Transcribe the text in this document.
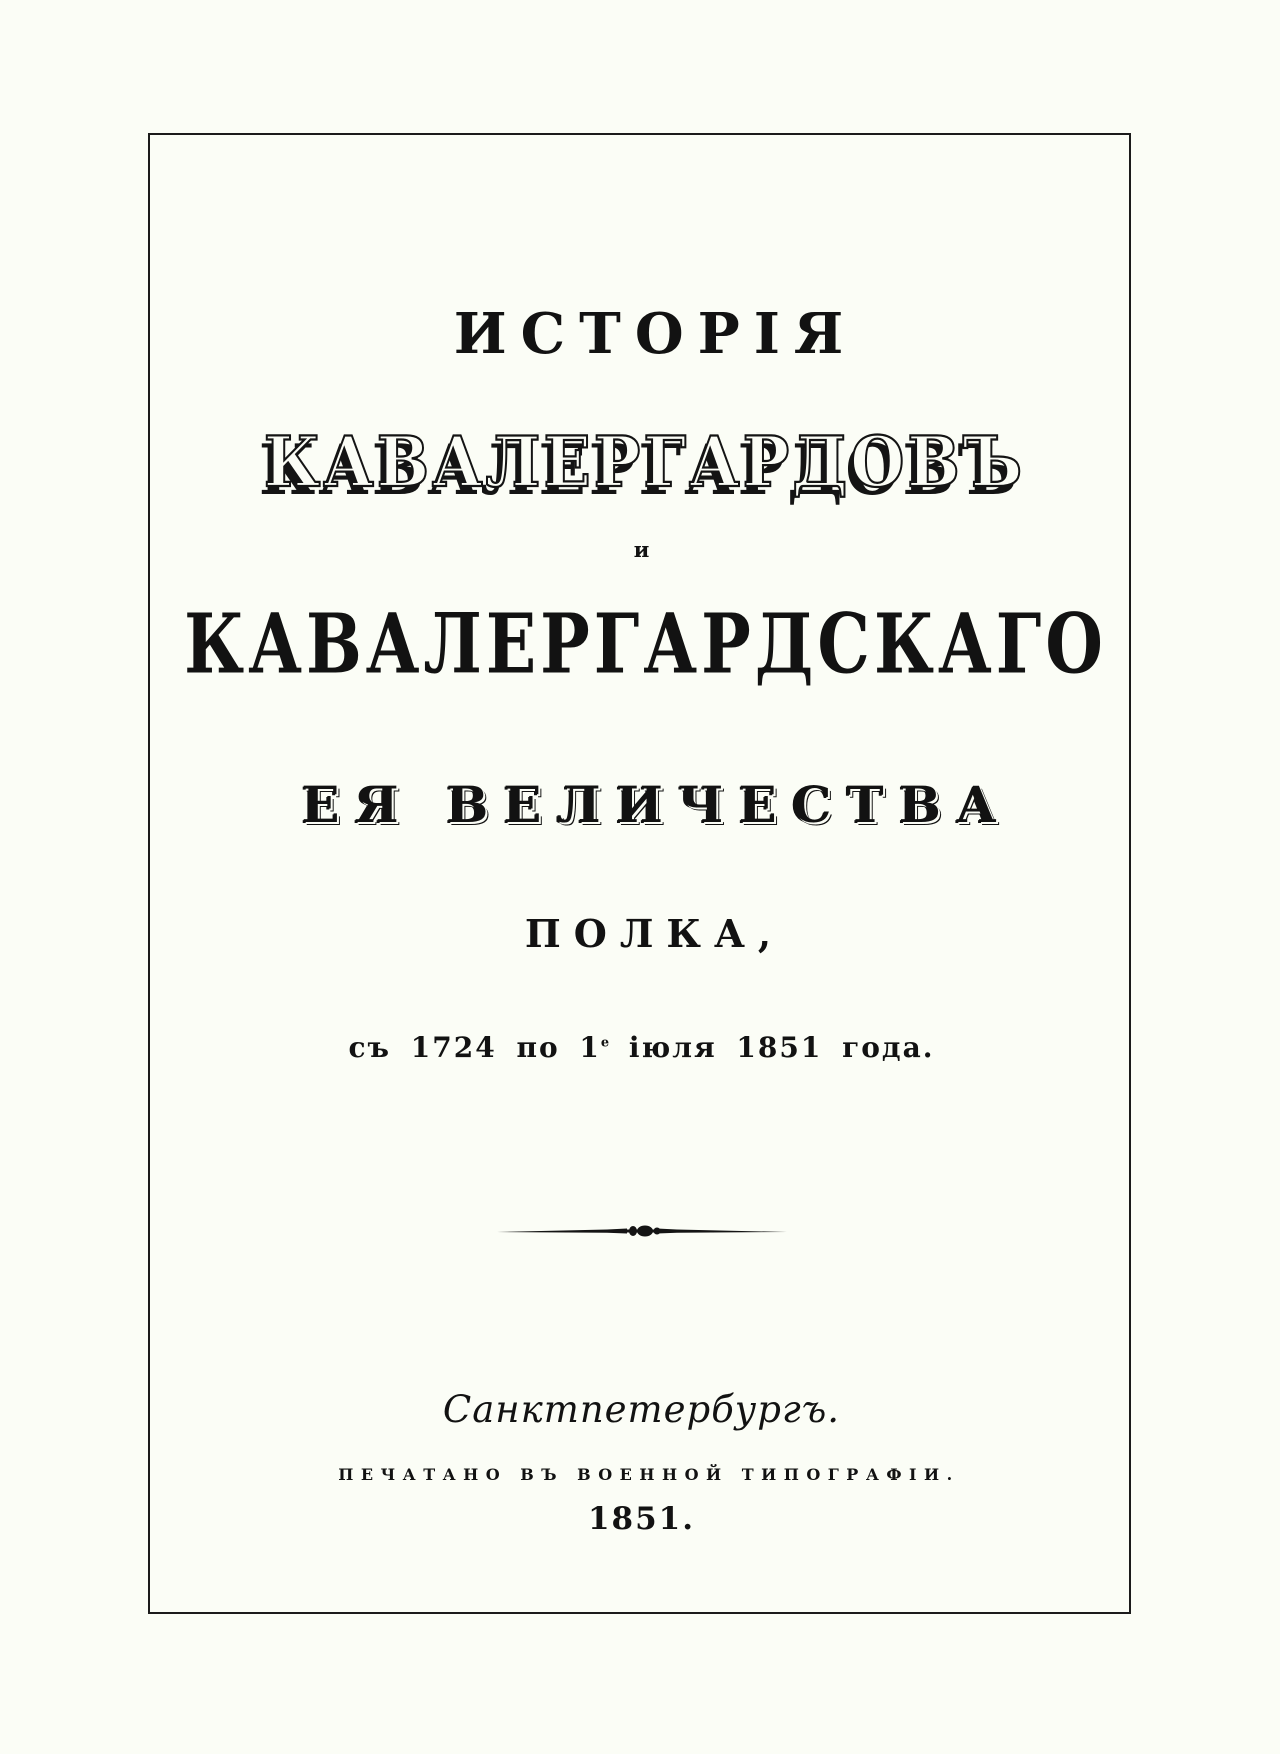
ИСТОРІЯ
КАВАЛЕРГАРДОВЪ
и
КАВАЛЕРГАРДСКАГО
ЕЯ ВЕЛИЧЕСТВА
ПОЛКА,
съ 1724 по $1^е$ іюля 1851 года.
Санктпетербургъ.
ПЕЧАТАНО ВЪ ВОЕННОЙ ТИПОГРАФІИ.
1851.
